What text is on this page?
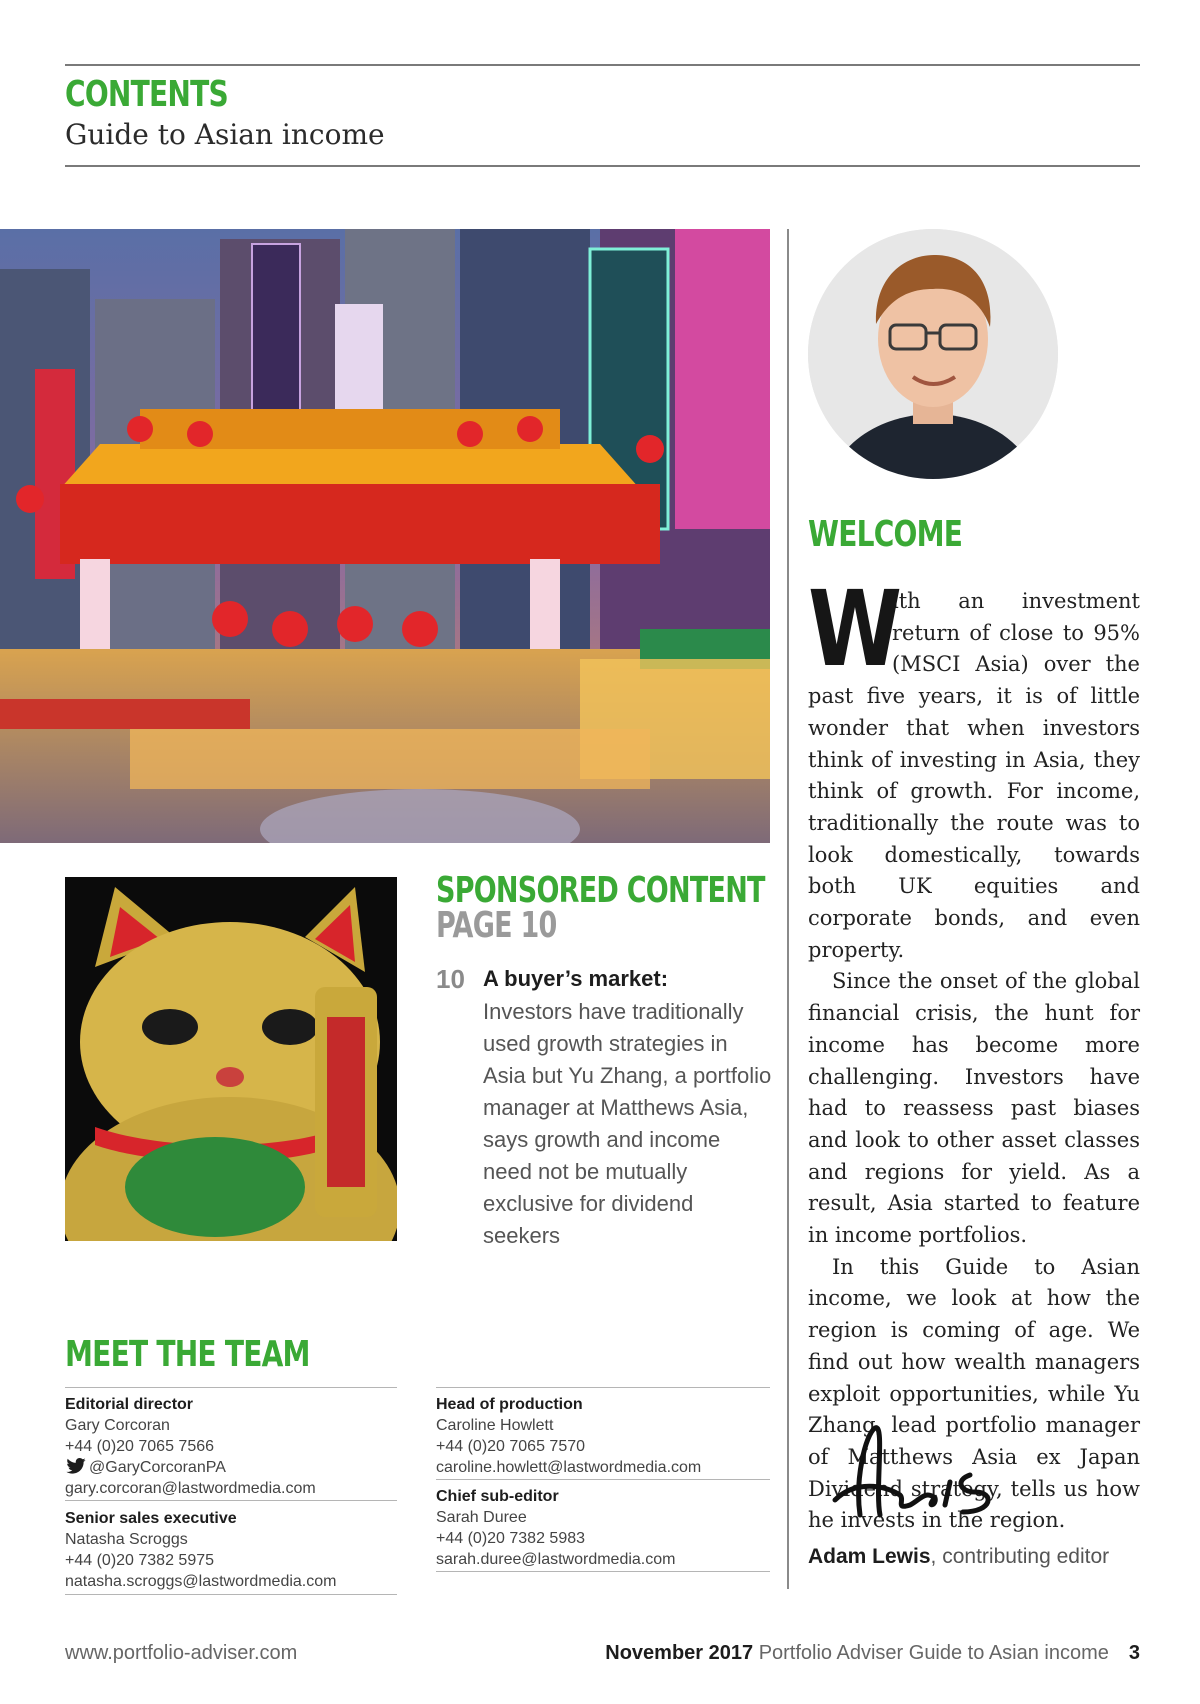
CONTENTS
Guide to Asian income
WELCOME

W
ith an investment return of close to 95% (MSCI Asia) over the past five years, it is of little wonder that when investors think of investing in Asia, they think of growth. For income, traditionally the route was to look domestically, towards both UK equities and corporate bonds, and even property.

Since the onset of the global financial crisis, the hunt for income has become more challenging. Investors have had to reassess past biases and look to other asset classes and regions for yield. As a result, Asia started to feature in income portfolios.

In this Guide to Asian income, we look at how the region is coming of age. We find out how wealth managers exploit opportunities, while Yu Zhang, lead portfolio manager of Matthews Asia ex Japan Dividend strategy, tells us how he invests in the region.

Adam Lewis, contributing editor
SPONSORED CONTENT
PAGE 10
10 A buyer’s market:
Investors have traditionally used growth strategies in Asia but Yu Zhang, a portfolio manager at Matthews Asia, says growth and income need not be mutually exclusive for dividend seekers
MEET THE TEAM
Editorial director
Gary Corcoran
+44 (0)20 7065 7566
@GaryCorcoranPA
gary.corcoran@lastwordmedia.com
Senior sales executive
Natasha Scroggs
+44 (0)20 7382 5975
natasha.scroggs@lastwordmedia.com
Head of production
Caroline Howlett
+44 (0)20 7065 7570
caroline.howlett@lastwordmedia.com
Chief sub-editor
Sarah Duree
+44 (0)20 7382 5983
sarah.duree@lastwordmedia.com
www.portfolio-adviser.com	November 2017 Portfolio Adviser Guide to Asian income 3
